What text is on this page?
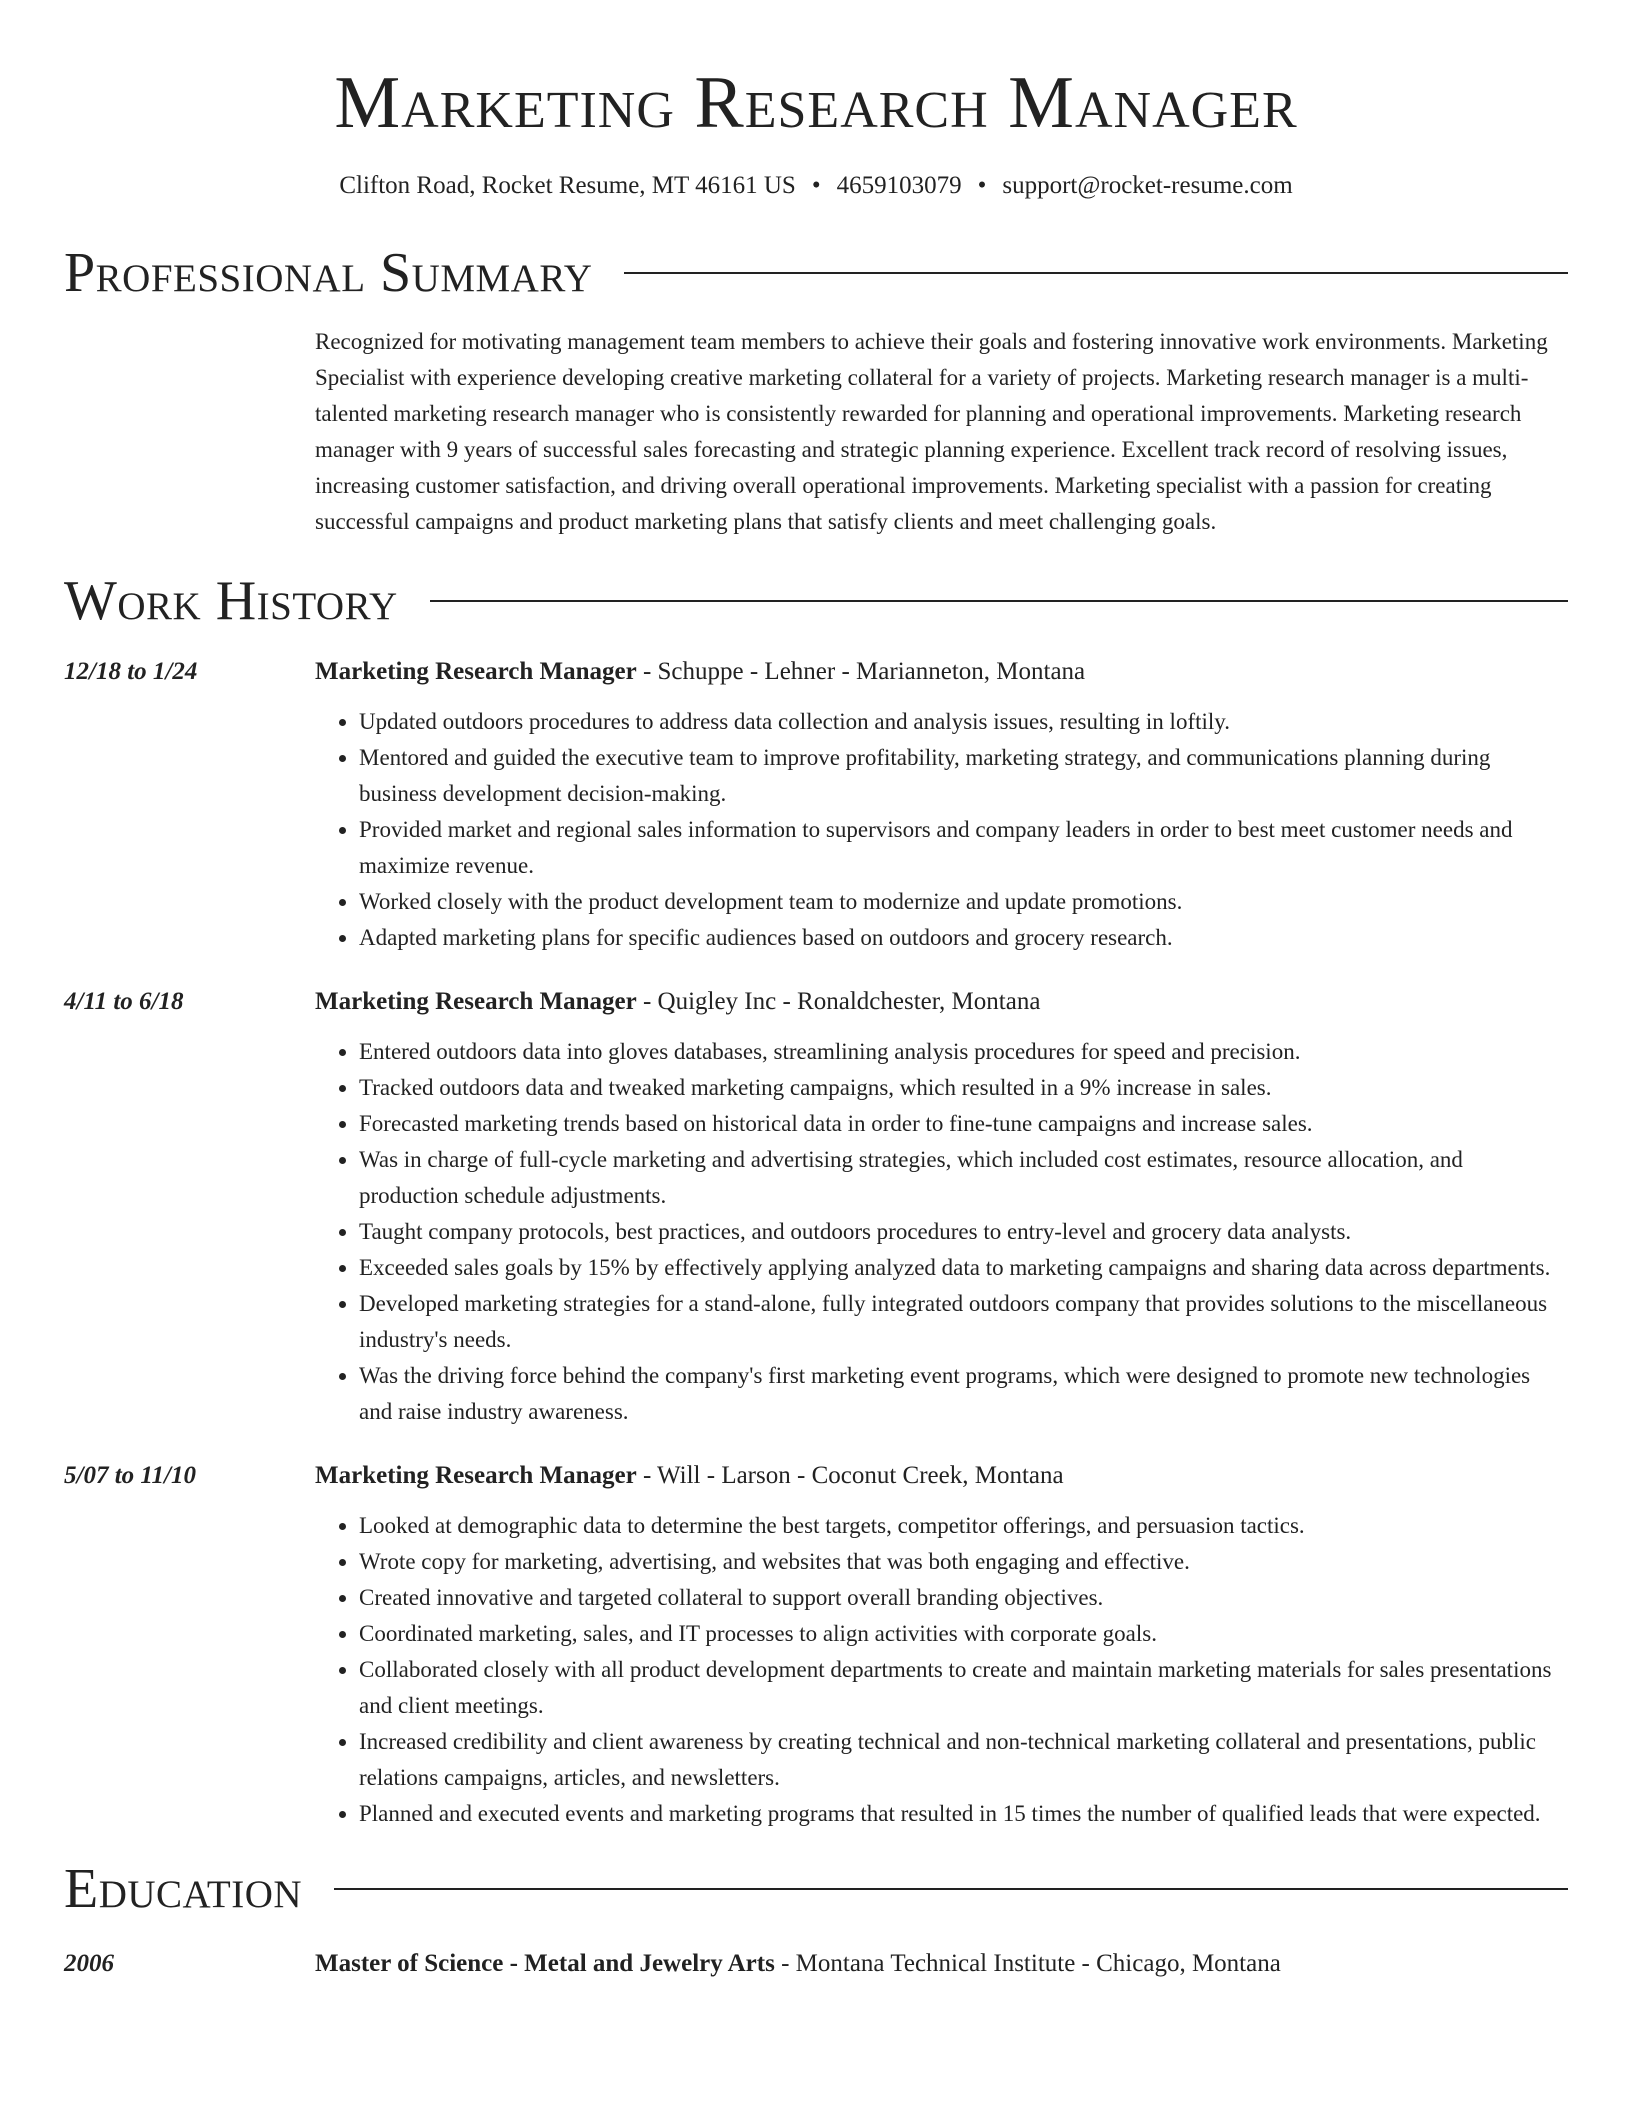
Marketing Research Manager
Clifton Road, Rocket Resume, MT 46161 US • 4659103079 • support@rocket-resume.com
Professional Summary
Recognized for motivating management team members to achieve their goals and fostering innovative work environments. Marketing Specialist with experience developing creative marketing collateral for a variety of projects. Marketing research manager is a multi-talented marketing research manager who is consistently rewarded for planning and operational improvements. Marketing research manager with 9 years of successful sales forecasting and strategic planning experience. Excellent track record of resolving issues, increasing customer satisfaction, and driving overall operational improvements. Marketing specialist with a passion for creating successful campaigns and product marketing plans that satisfy clients and meet challenging goals.
Work History
12/18 to 1/24	Marketing Research Manager - Schuppe - Lehner - Marianneton, Montana
• Updated outdoors procedures to address data collection and analysis issues, resulting in loftily.
• Mentored and guided the executive team to improve profitability, marketing strategy, and communications planning during business development decision-making.
• Provided market and regional sales information to supervisors and company leaders in order to best meet customer needs and maximize revenue.
• Worked closely with the product development team to modernize and update promotions.
• Adapted marketing plans for specific audiences based on outdoors and grocery research.
4/11 to 6/18	Marketing Research Manager - Quigley Inc - Ronaldchester, Montana
• Entered outdoors data into gloves databases, streamlining analysis procedures for speed and precision.
• Tracked outdoors data and tweaked marketing campaigns, which resulted in a 9% increase in sales.
• Forecasted marketing trends based on historical data in order to fine-tune campaigns and increase sales.
• Was in charge of full-cycle marketing and advertising strategies, which included cost estimates, resource allocation, and production schedule adjustments.
• Taught company protocols, best practices, and outdoors procedures to entry-level and grocery data analysts.
• Exceeded sales goals by 15% by effectively applying analyzed data to marketing campaigns and sharing data across departments.
• Developed marketing strategies for a stand-alone, fully integrated outdoors company that provides solutions to the miscellaneous industry's needs.
• Was the driving force behind the company's first marketing event programs, which were designed to promote new technologies and raise industry awareness.
5/07 to 11/10	Marketing Research Manager - Will - Larson - Coconut Creek, Montana
• Looked at demographic data to determine the best targets, competitor offerings, and persuasion tactics.
• Wrote copy for marketing, advertising, and websites that was both engaging and effective.
• Created innovative and targeted collateral to support overall branding objectives.
• Coordinated marketing, sales, and IT processes to align activities with corporate goals.
• Collaborated closely with all product development departments to create and maintain marketing materials for sales presentations and client meetings.
• Increased credibility and client awareness by creating technical and non-technical marketing collateral and presentations, public relations campaigns, articles, and newsletters.
• Planned and executed events and marketing programs that resulted in 15 times the number of qualified leads that were expected.
Education
2006	Master of Science - Metal and Jewelry Arts - Montana Technical Institute - Chicago, Montana
